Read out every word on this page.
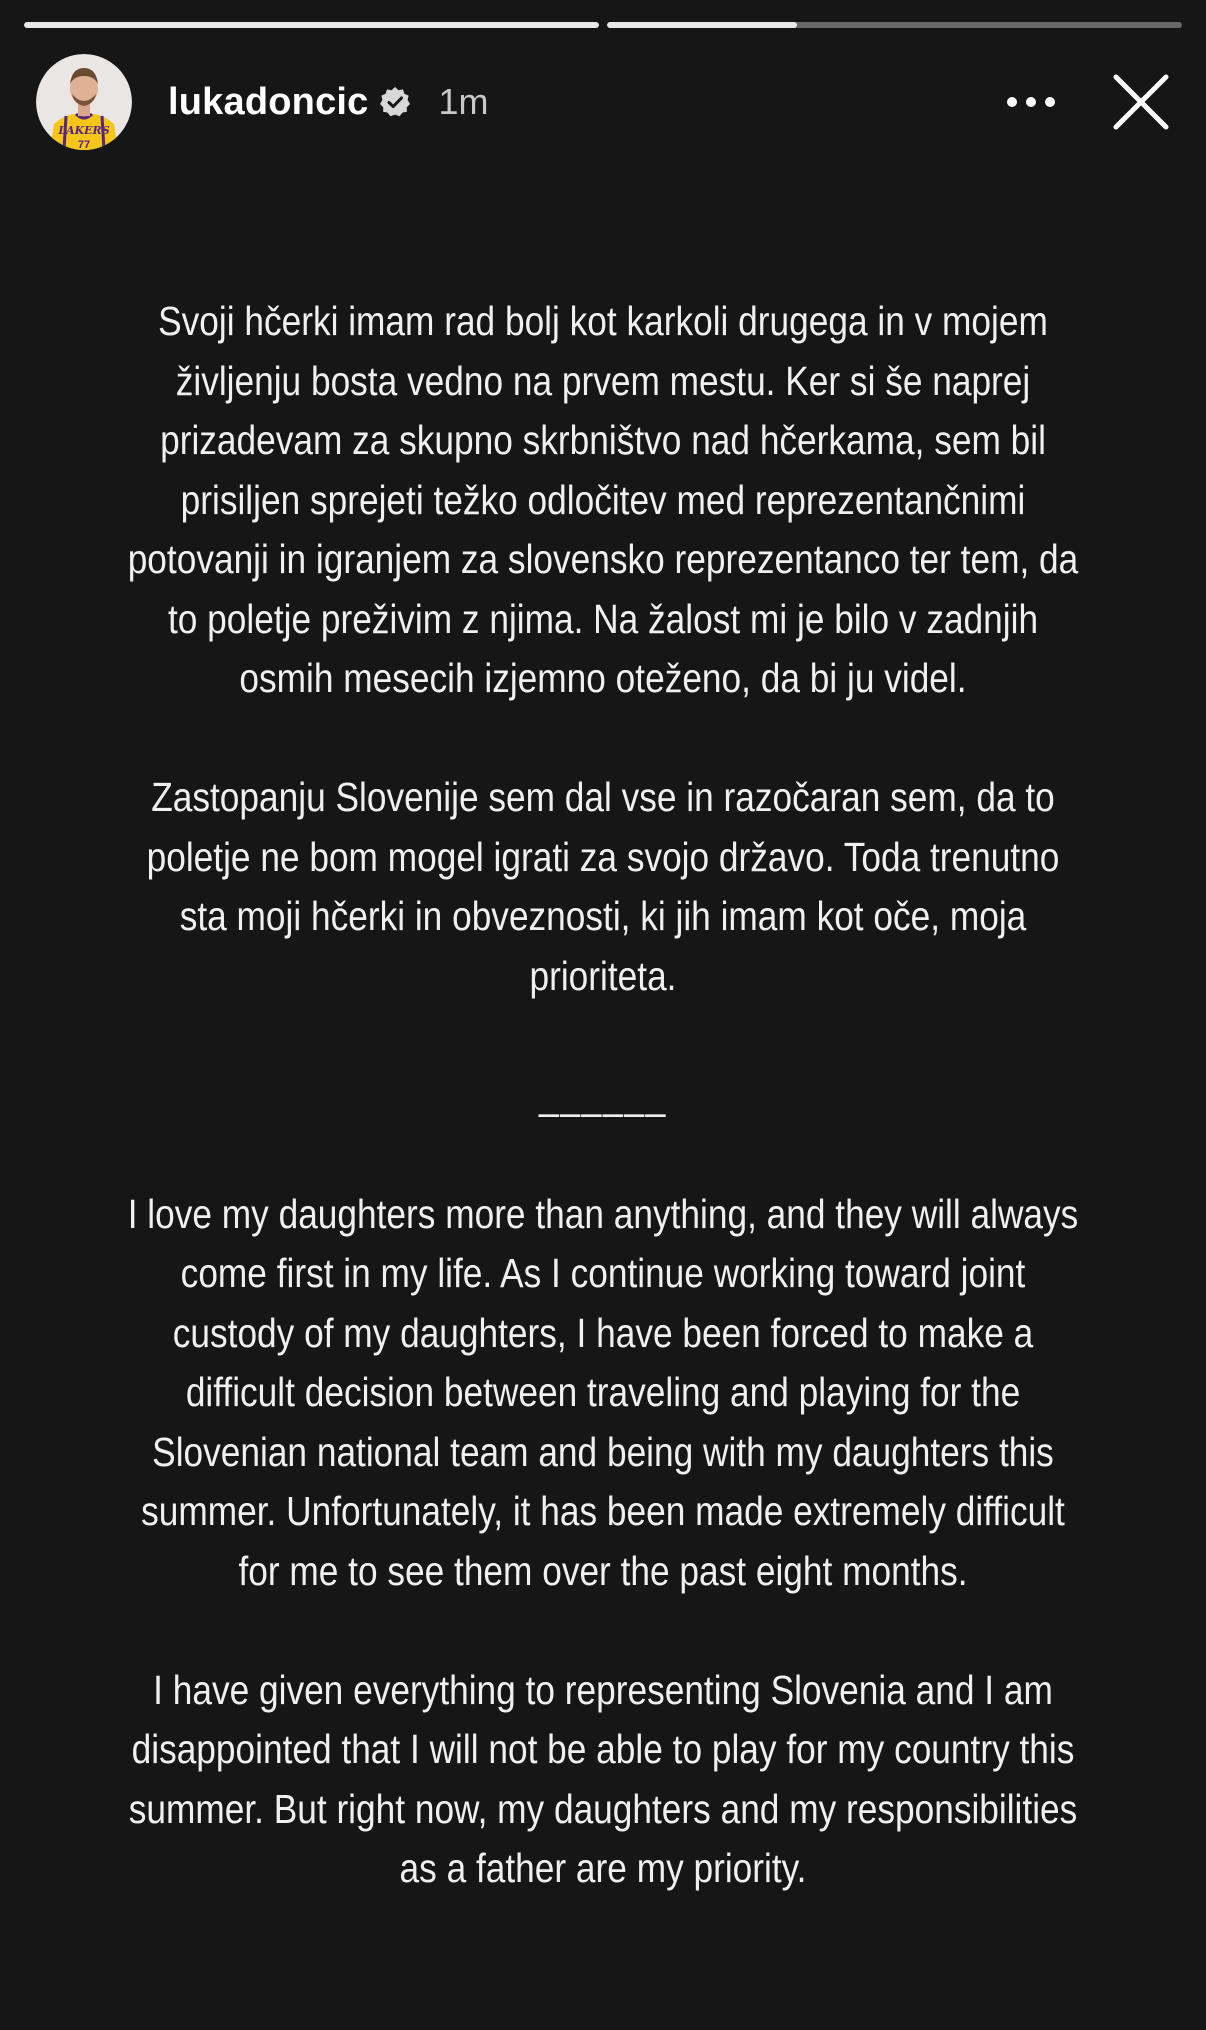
LAKERS
77
lukadoncic 1m

Svoji hčerki imam rad bolj kot karkoli drugega in v mojem življenju bosta vedno na prvem mestu. Ker si še naprej prizadevam za skupno skrbništvo nad hčerkama, sem bil prisiljen sprejeti težko odločitev med reprezentančnimi potovanji in igranjem za slovensko reprezentanco ter tem, da to poletje preživim z njima. Na žalost mi je bilo v zadnjih osmih mesecih izjemno oteženo, da bi ju videl.

Zastopanju Slovenije sem dal vse in razočaran sem, da to poletje ne bom mogel igrati za svojo državo. Toda trenutno sta moji hčerki in obveznosti, ki jih imam kot oče, moja prioriteta.

______

I love my daughters more than anything, and they will always come first in my life. As I continue working toward joint custody of my daughters, I have been forced to make a difficult decision between traveling and playing for the Slovenian national team and being with my daughters this summer. Unfortunately, it has been made extremely difficult for me to see them over the past eight months.

I have given everything to representing Slovenia and I am disappointed that I will not be able to play for my country this summer. But right now, my daughters and my responsibilities as a father are my priority.
